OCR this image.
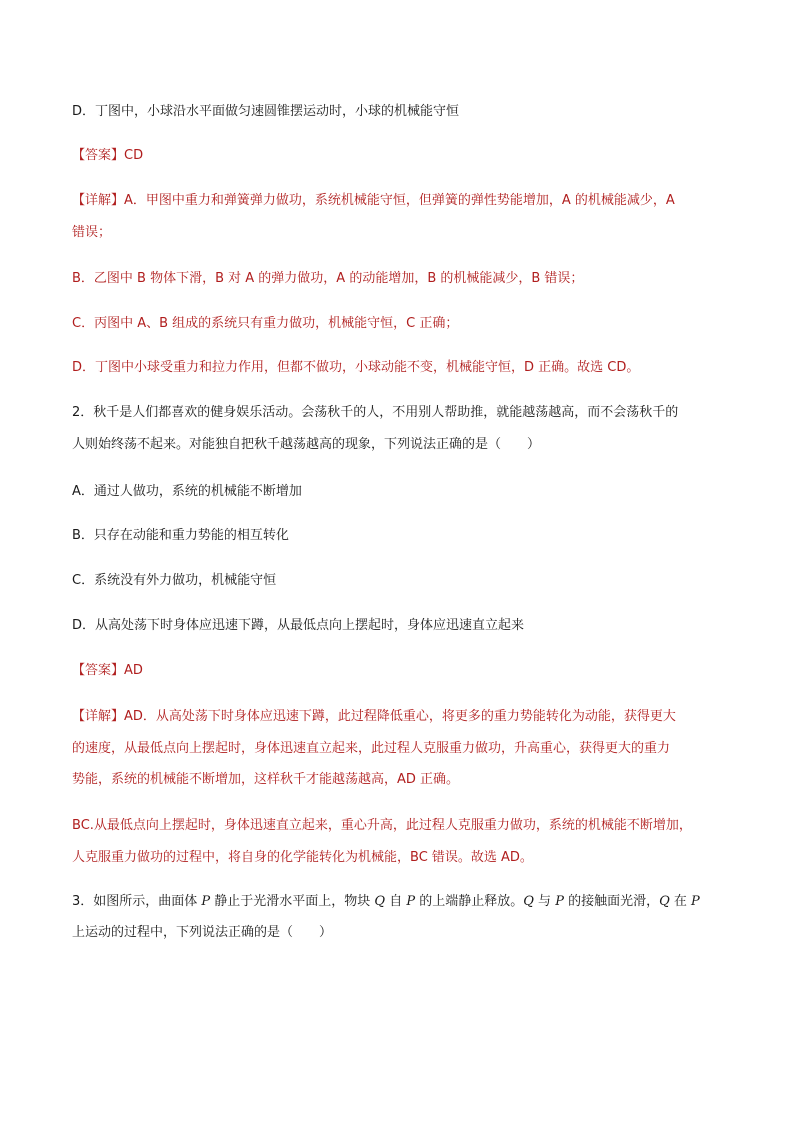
D．丁图中，小球沿水平面做匀速圆锥摆运动时，小球的机械能守恒
【答案】CD
【详解】A．甲图中重力和弹簧弹力做功，系统机械能守恒，但弹簧的弹性势能增加，A 的机械能减少，A
错误；
B．乙图中 B 物体下滑，B 对 A 的弹力做功，A 的动能增加，B 的机械能减少，B 错误；
C．丙图中 A、B 组成的系统只有重力做功，机械能守恒，C 正确；
D．丁图中小球受重力和拉力作用，但都不做功，小球动能不变，机械能守恒，D 正确。故选 CD。
2．秋千是人们都喜欢的健身娱乐活动。会荡秋千的人，不用别人帮助推，就能越荡越高，而不会荡秋千的
人则始终荡不起来。对能独自把秋千越荡越高的现象，下列说法正确的是（　　）
A．通过人做功，系统的机械能不断增加
B．只存在动能和重力势能的相互转化
C．系统没有外力做功，机械能守恒
D．从高处荡下时身体应迅速下蹲，从最低点向上摆起时，身体应迅速直立起来
【答案】AD
【详解】AD．从高处荡下时身体应迅速下蹲，此过程降低重心，将更多的重力势能转化为动能，获得更大
的速度，从最低点向上摆起时，身体迅速直立起来，此过程人克服重力做功，升高重心，获得更大的重力
势能，系统的机械能不断增加，这样秋千才能越荡越高，AD 正确。
BC.从最低点向上摆起时，身体迅速直立起来，重心升高，此过程人克服重力做功，系统的机械能不断增加，
人克服重力做功的过程中，将自身的化学能转化为机械能，BC 错误。故选 AD。
3．如图所示，曲面体 P 静止于光滑水平面上，物块 Q 自 P 的上端静止释放。Q 与 P 的接触面光滑，Q 在 P
上运动的过程中，下列说法正确的是（　　）
